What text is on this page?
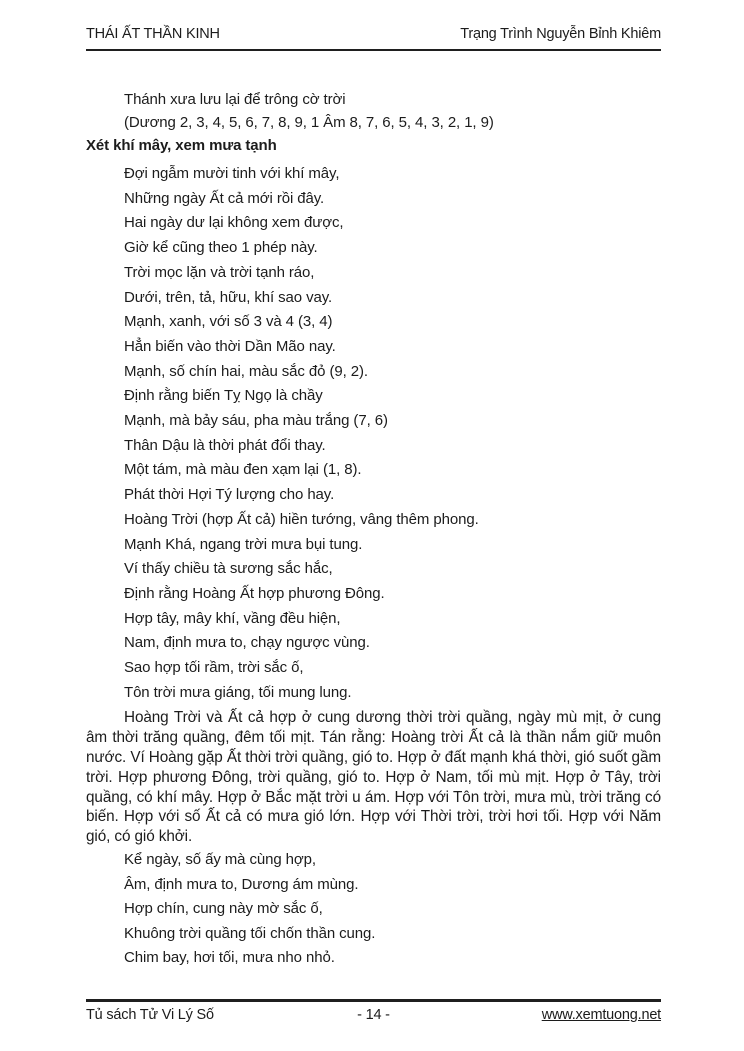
THÁI ẤT THẦN KINH	Trạng Trình Nguyễn Bỉnh Khiêm
Thánh xưa lưu lại để trông cờ trời
(Dương 2, 3, 4, 5, 6, 7, 8, 9, 1 Âm 8, 7, 6, 5, 4, 3, 2, 1, 9)
Xét khí mây, xem mưa tạnh
Đợi ngẫm mười tinh với khí mây,
Những ngày Ất cả mới rồi đây.
Hai ngày dư lại không xem được,
Giờ kể cũng theo 1 phép này.
Trời mọc lặn và trời tạnh ráo,
Dưới, trên, tả, hữu, khí sao vay.
Mạnh, xanh, với số 3 và 4 (3, 4)
Hẳn biến vào thời Dần Mão nay.
Mạnh, số chín hai, màu sắc đỏ (9, 2).
Định rằng biến Tỵ Ngọ là chầy
Mạnh, mà bảy sáu, pha màu trắng (7, 6)
Thân Dậu là thời phát đổi thay.
Một tám, mà màu đen xạm lại (1, 8).
Phát thời Hợi Tý lượng cho hay.
Hoàng Trời (hợp Ất cả) hiền tướng, vâng thêm phong.
Mạnh Khá, ngang trời mưa bụi tung.
Ví thấy chiều tà sương sắc hắc,
Định rằng Hoàng Ất hợp phương Đông.
Hợp tây, mây khí, vầng đều hiện,
Nam, định mưa to, chạy ngược vùng.
Sao hợp tối rầm, trời sắc ố,
Tôn trời mưa giáng, tối mung lung.

Hoàng Trời và Ất cả hợp ở cung dương thời trời quầng, ngày mù mịt, ở cung âm thời trăng quầng, đêm tối mịt. Tán rằng: Hoàng trời Ất cả là thần nắm giữ muôn nước. Ví Hoàng gặp Ất thời trời quầng, gió to. Hợp ở đất mạnh khá thời, gió suốt gầm trời. Hợp phương Đông, trời quầng, gió to. Hợp ở Nam, tối mù mịt. Hợp ở Tây, trời quầng, có khí mây. Hợp ở Bắc mặt trời u ám. Hợp với Tôn trời, mưa mù, trời trăng có biến. Hợp với số Ất cả có mưa gió lớn. Hợp với Thời trời, trời hơi tối. Hợp với Năm gió, có gió khởi.

Kể ngày, số ấy mà cùng hợp,
Âm, định mưa to, Dương ám mùng.
Hợp chín, cung này mờ sắc ố,
Khuông trời quầng tối chốn thần cung.
Chim bay, hơi tối, mưa nho nhỏ.
Tủ sách Tử Vi Lý Số	- 14 -	www.xemtuong.net
